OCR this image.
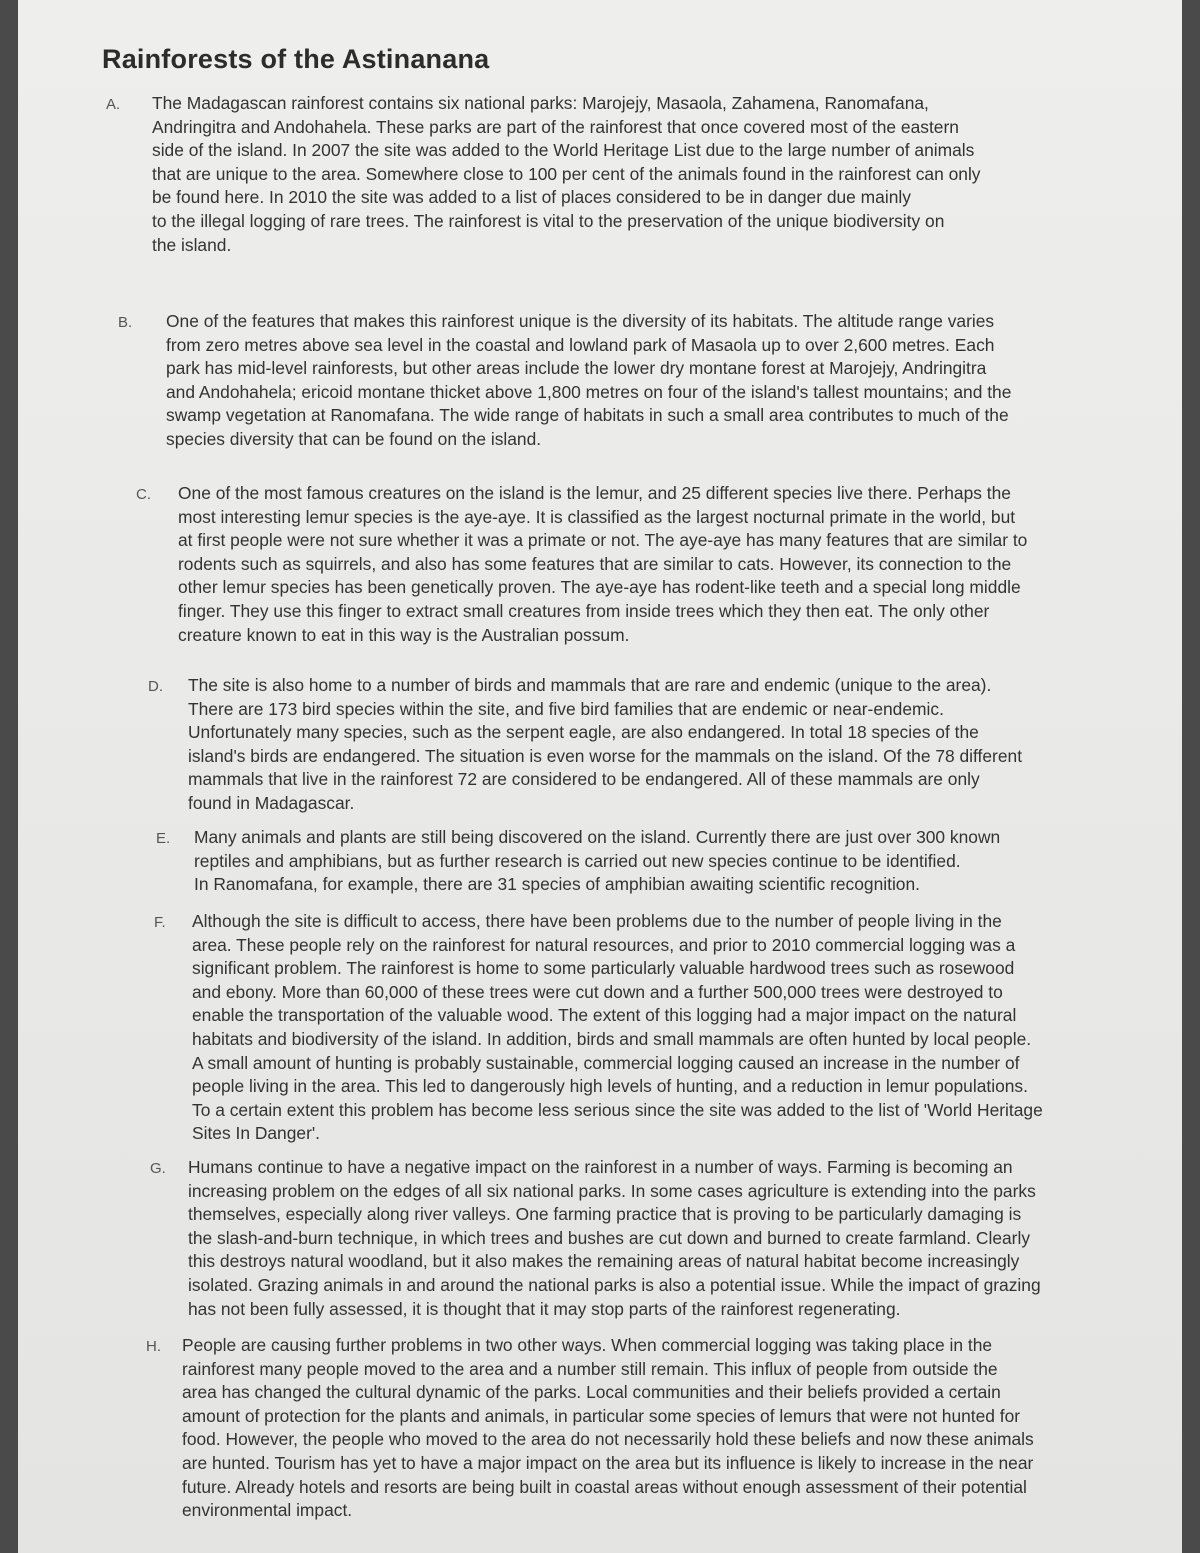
Rainforests of the Astinanana
A. The Madagascan rainforest contains six national parks: Marojejy, Masaola, Zahamena, Ranomafana,
Andringitra and Andohahela. These parks are part of the rainforest that once covered most of the eastern
side of the island. In 2007 the site was added to the World Heritage List due to the large number of animals
that are unique to the area. Somewhere close to 100 per cent of the animals found in the rainforest can only
be found here. In 2010 the site was added to a list of places considered to be in danger due mainly
to the illegal logging of rare trees. The rainforest is vital to the preservation of the unique biodiversity on
the island.
B. One of the features that makes this rainforest unique is the diversity of its habitats. The altitude range varies
from zero metres above sea level in the coastal and lowland park of Masaola up to over 2,600 metres. Each
park has mid-level rainforests, but other areas include the lower dry montane forest at Marojejy, Andringitra
and Andohahela; ericoid montane thicket above 1,800 metres on four of the island's tallest mountains; and the
swamp vegetation at Ranomafana. The wide range of habitats in such a small area contributes to much of the
species diversity that can be found on the island.
C. One of the most famous creatures on the island is the lemur, and 25 different species live there. Perhaps the
most interesting lemur species is the aye-aye. It is classified as the largest nocturnal primate in the world, but
at first people were not sure whether it was a primate or not. The aye-aye has many features that are similar to
rodents such as squirrels, and also has some features that are similar to cats. However, its connection to the
other lemur species has been genetically proven. The aye-aye has rodent-like teeth and a special long middle
finger. They use this finger to extract small creatures from inside trees which they then eat. The only other
creature known to eat in this way is the Australian possum.
D. The site is also home to a number of birds and mammals that are rare and endemic (unique to the area).
There are 173 bird species within the site, and five bird families that are endemic or near-endemic.
Unfortunately many species, such as the serpent eagle, are also endangered. In total 18 species of the
island's birds are endangered. The situation is even worse for the mammals on the island. Of the 78 different
mammals that live in the rainforest 72 are considered to be endangered. All of these mammals are only
found in Madagascar.
E. Many animals and plants are still being discovered on the island. Currently there are just over 300 known
reptiles and amphibians, but as further research is carried out new species continue to be identified.
In Ranomafana, for example, there are 31 species of amphibian awaiting scientific recognition.
F. Although the site is difficult to access, there have been problems due to the number of people living in the
area. These people rely on the rainforest for natural resources, and prior to 2010 commercial logging was a
significant problem. The rainforest is home to some particularly valuable hardwood trees such as rosewood
and ebony. More than 60,000 of these trees were cut down and a further 500,000 trees were destroyed to
enable the transportation of the valuable wood. The extent of this logging had a major impact on the natural
habitats and biodiversity of the island. In addition, birds and small mammals are often hunted by local people.
A small amount of hunting is probably sustainable, commercial logging caused an increase in the number of
people living in the area. This led to dangerously high levels of hunting, and a reduction in lemur populations.
To a certain extent this problem has become less serious since the site was added to the list of 'World Heritage
Sites In Danger'.
G. Humans continue to have a negative impact on the rainforest in a number of ways. Farming is becoming an
increasing problem on the edges of all six national parks. In some cases agriculture is extending into the parks
themselves, especially along river valleys. One farming practice that is proving to be particularly damaging is
the slash-and-burn technique, in which trees and bushes are cut down and burned to create farmland. Clearly
this destroys natural woodland, but it also makes the remaining areas of natural habitat become increasingly
isolated. Grazing animals in and around the national parks is also a potential issue. While the impact of grazing
has not been fully assessed, it is thought that it may stop parts of the rainforest regenerating.
H. People are causing further problems in two other ways. When commercial logging was taking place in the
rainforest many people moved to the area and a number still remain. This influx of people from outside the
area has changed the cultural dynamic of the parks. Local communities and their beliefs provided a certain
amount of protection for the plants and animals, in particular some species of lemurs that were not hunted for
food. However, the people who moved to the area do not necessarily hold these beliefs and now these animals
are hunted. Tourism has yet to have a major impact on the area but its influence is likely to increase in the near
future. Already hotels and resorts are being built in coastal areas without enough assessment of their potential
environmental impact.
